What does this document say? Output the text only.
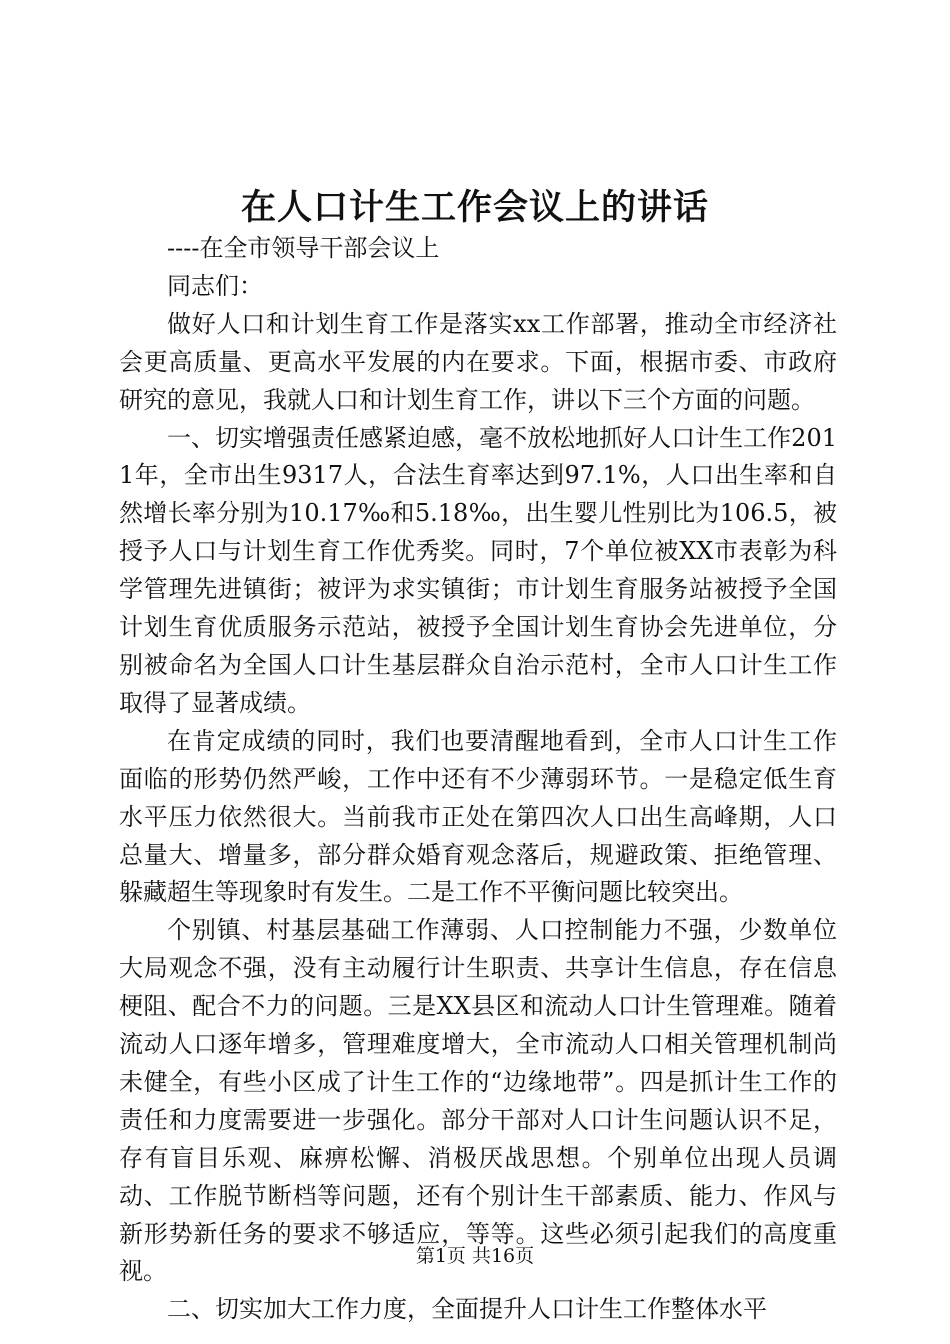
在人口计生工作会议上的讲话

----在全市领导干部会议上

同志们：

做好人口和计划生育工作是落实xx工作部署，推动全市经济社会更高质量、更高水平发展的内在要求。下面，根据市委、市政府研究的意见，我就人口和计划生育工作，讲以下三个方面的问题。

一、切实增强责任感紧迫感，毫不放松地抓好人口计生工作2011年，全市出生9317人，合法生育率达到97.1%，人口出生率和自然增长率分别为10.17‰和5.18‰，出生婴儿性别比为106.5，被授予人口与计划生育工作优秀奖。同时，7个单位被XX市表彰为科学管理先进镇街；被评为求实镇街；市计划生育服务站被授予全国计划生育优质服务示范站，被授予全国计划生育协会先进单位，分别被命名为全国人口计生基层群众自治示范村，全市人口计生工作取得了显著成绩。

在肯定成绩的同时，我们也要清醒地看到，全市人口计生工作面临的形势仍然严峻，工作中还有不少薄弱环节。一是稳定低生育水平压力依然很大。当前我市正处在第四次人口出生高峰期，人口总量大、增量多，部分群众婚育观念落后，规避政策、拒绝管理、躲藏超生等现象时有发生。二是工作不平衡问题比较突出。

个别镇、村基层基础工作薄弱、人口控制能力不强，少数单位大局观念不强，没有主动履行计生职责、共享计生信息，存在信息梗阻、配合不力的问题。三是XX县区和流动人口计生管理难。随着流动人口逐年增多，管理难度增大，全市流动人口相关管理机制尚未健全，有些小区成了计生工作的“边缘地带”。四是抓计生工作的责任和力度需要进一步强化。部分干部对人口计生问题认识不足，存有盲目乐观、麻痹松懈、消极厌战思想。个别单位出现人员调动、工作脱节断档等问题，还有个别计生干部素质、能力、作风与新形势新任务的要求不够适应，等等。这些必须引起我们的高度重视。

二、切实加大工作力度，全面提升人口计生工作整体水平

第1页 共16页
